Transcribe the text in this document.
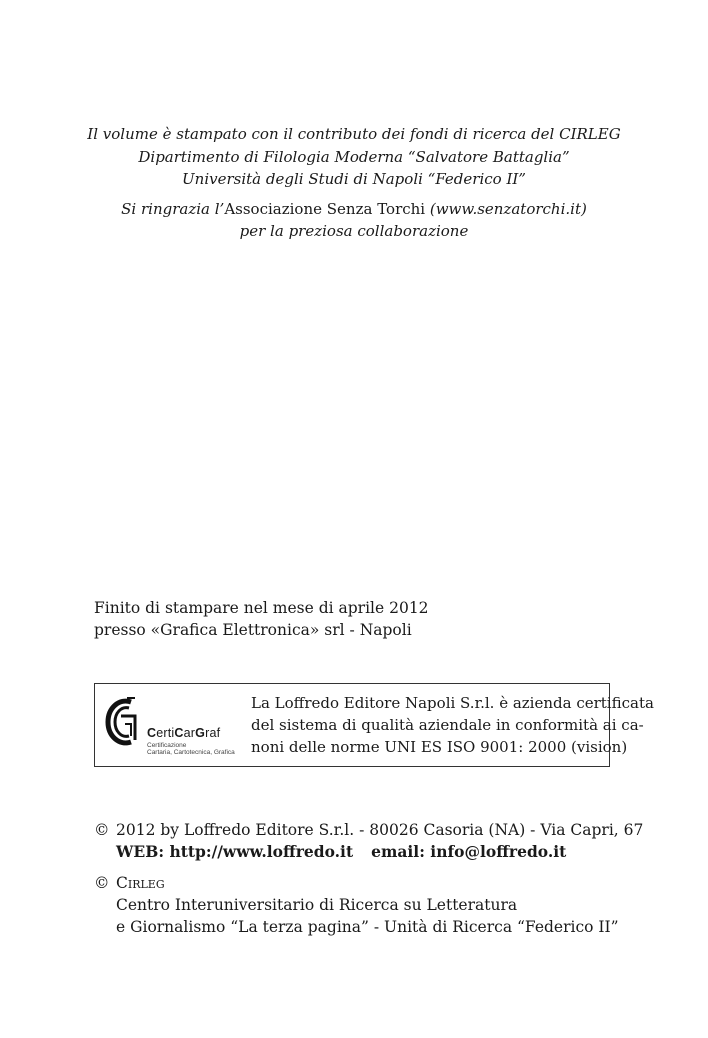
Il volume è stampato con il contributo dei fondi di ricerca del CIRLEG
Dipartimento di Filologia Moderna “Salvatore Battaglia”
Università degli Studi di Napoli “Federico II”
Si ringrazia l’Associazione Senza Torchi (www.senzatorchi.it)
per la preziosa collaborazione
Finito di stampare nel mese di aprile 2012
presso «Grafica Elettronica» srl - Napoli
CertiCarGraf
Certificazione
Cartaria, Cartotecnica, Grafica
La Loffredo Editore Napoli S.r.l. è azienda certificata
del sistema di qualità aziendale in conformità ai ca-
noni delle norme UNI ES ISO 9001: 2000 (vision)
© 2012 by Loffredo Editore S.r.l. - 80026 Casoria (NA) - Via Capri, 67
WEB: http://www.loffredo.it email: info@loffredo.it
© Cirleg
Centro Interuniversitario di Ricerca su Letteratura
e Giornalismo “La terza pagina” - Unità di Ricerca “Federico II”
